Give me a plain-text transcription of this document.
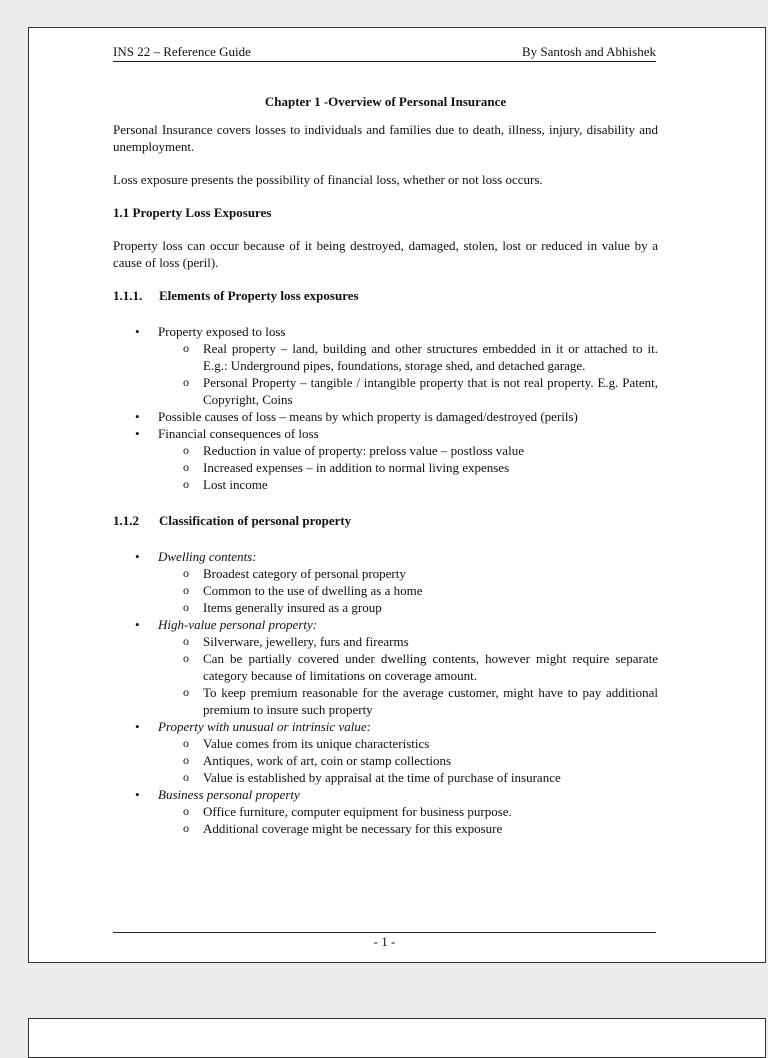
INS 22 – Reference Guide	By Santosh and Abhishek
Chapter 1 -Overview of Personal Insurance

Personal Insurance covers losses to individuals and families due to death, illness, injury, disability and unemployment.

Loss exposure presents the possibility of financial loss, whether or not loss occurs.

1.1 Property Loss Exposures

Property loss can occur because of it being destroyed, damaged, stolen, lost or reduced in value by a cause of loss (peril).

1.1.1. Elements of Property loss exposures
•	Property exposed to loss
o Real property – land, building and other structures embedded in it or attached to it. E.g.: Underground pipes, foundations, storage shed, and detached garage.
o Personal Property – tangible / intangible property that is not real property. E.g. Patent, Copyright, Coins
•	Possible causes of loss – means by which property is damaged/destroyed (perils)
•	Financial consequences of loss
o Reduction in value of property: preloss value – postloss value
o Increased expenses – in addition to normal living expenses
o Lost income
1.1.2 Classification of personal property
•	Dwelling contents:
o Broadest category of personal property
o Common to the use of dwelling as a home
o Items generally insured as a group
•	High-value personal property:
o Silverware, jewellery, furs and firearms
o Can be partially covered under dwelling contents, however might require separate category because of limitations on coverage amount.
o To keep premium reasonable for the average customer, might have to pay additional premium to insure such property
•	Property with unusual or intrinsic value:
o Value comes from its unique characteristics
o Antiques, work of art, coin or stamp collections
o Value is established by appraisal at the time of purchase of insurance
•	Business personal property
o Office furniture, computer equipment for business purpose.
o Additional coverage might be necessary for this exposure
- 1 -
